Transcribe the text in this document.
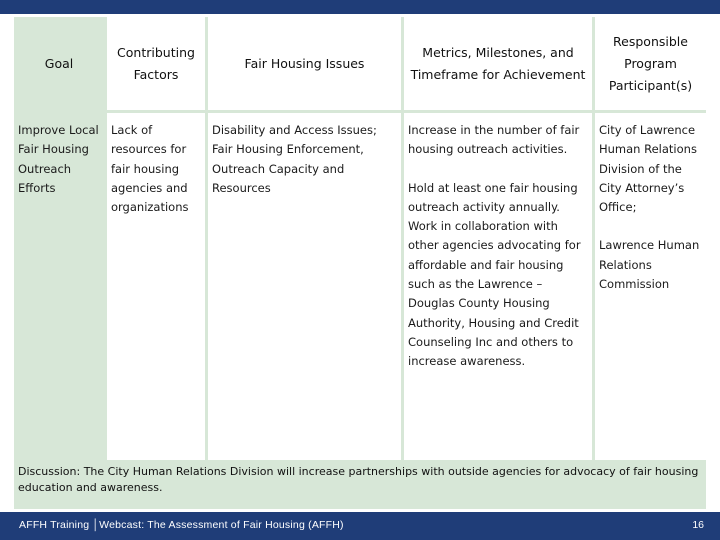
Goal
Contributing Factors
Fair Housing Issues
Metrics, Milestones, and Timeframe for Achievement
Responsible Program Participant(s)
Improve Local Fair Housing Outreach Efforts
Lack of resources for fair housing agencies and organizations
Disability and Access Issues; Fair Housing Enforcement, Outreach Capacity and Resources
Increase in the number of fair housing outreach activities.
Hold at least one fair housing outreach activity annually. Work in collaboration with other agencies advocating for affordable and fair housing such as the Lawrence – Douglas County Housing Authority, Housing and Credit Counseling Inc and others to increase awareness.
City of Lawrence Human Relations Division of the City Attorney’s Office;
Lawrence Human Relations Commission
Discussion: The City Human Relations Division will increase partnerships with outside agencies for advocacy of fair housing education and awareness.
AFFH Training │Webcast: The Assessment of Fair Housing (AFFH)	16
